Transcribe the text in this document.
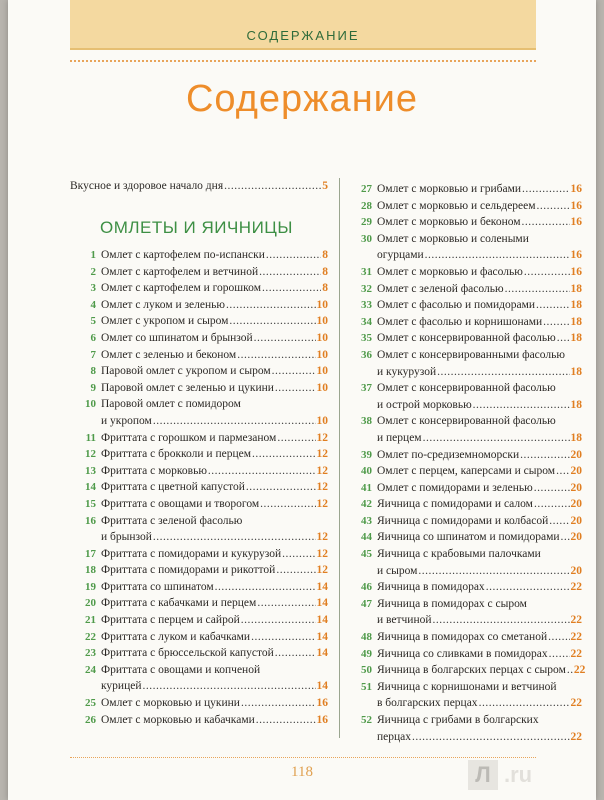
СОДЕРЖАНИЕ
Содержание
Вкусное и здоровое начало дня .....	5
ОМЛЕТЫ И ЯИЧНИЦЫ
1 Омлет с картофелем по-испански .....	8
2 Омлет с картофелем и ветчиной .....	8
3 Омлет с картофелем и горошком .....	8
4 Омлет с луком и зеленью .....	10
5 Омлет с укропом и сыром .....	10
6 Омлет со шпинатом и брынзой .....	10
7 Омлет с зеленью и беконом .....	10
8 Паровой омлет с укропом и сыром .....	10
9 Паровой омлет с зеленью и цукини .....	10
10 Паровой омлет с помидором
и укропом .....	10
11 Фриттата с горошком и пармезаном .....	12
12 Фриттата с брокколи и перцем .....	12
13 Фриттата с морковью .....	12
14 Фриттата с цветной капустой .....	12
15 Фриттата с овощами и творогом .....	12
16 Фриттата с зеленой фасолью
и брынзой .....	12
17 Фриттата с помидорами и кукурузой .....	12
18 Фриттата с помидорами и рикоттой .....	12
19 Фриттата со шпинатом .....	14
20 Фриттата с кабачками и перцем .....	14
21 Фриттата с перцем и сайрой .....	14
22 Фриттата с луком и кабачками .....	14
23 Фриттата с брюссельской капустой .....	14
24 Фриттата с овощами и копченой
курицей .....	14
25 Омлет с морковью и цукини .....	16
26 Омлет с морковью и кабачками .....	16
27 Омлет с морковью и грибами .....	16
28 Омлет с морковью и сельдереем .....	16
29 Омлет с морковью и беконом .....	16
30 Омлет с морковью и солеными
огурцами .....	16
31 Омлет с морковью и фасолью .....	16
32 Омлет с зеленой фасолью .....	18
33 Омлет с фасолью и помидорами .....	18
34 Омлет с фасолью и корнишонами ..... 18
35 Омлет с консервированной фасолью ..... 18
36 Омлет с консервированными фасолью
и кукурузой .....	18
37 Омлет с консервированной фасолью
и острой морковью .....	18
38 Омлет с консервированной фасолью
и перцем .....	18
39 Омлет по-средиземноморски .....	20
40 Омлет с перцем, каперсами и сыром ..... 20
41 Омлет с помидорами и зеленью .....	20
42 Яичница с помидорами и салом .....	20
43 Яичница с помидорами и колбасой ..... 20
44 Яичница со шпинатом и помидорами ..... 20
45 Яичница с крабовыми палочками
и сыром .....	20
46 Яичница в помидорах .....	22
47 Яичница в помидорах с сыром
и ветчиной .....	22
48 Яичница в помидорах со сметаной ..... 22
49 Яичница со сливками в помидорах ..... 22
50 Яичница в болгарских перцах с сыром ..... 22
51 Яичница с корнишонами и ветчиной
в болгарских перцах .....	22
52 Яичница с грибами в болгарских
перцах .....	22
118	Л .ru
